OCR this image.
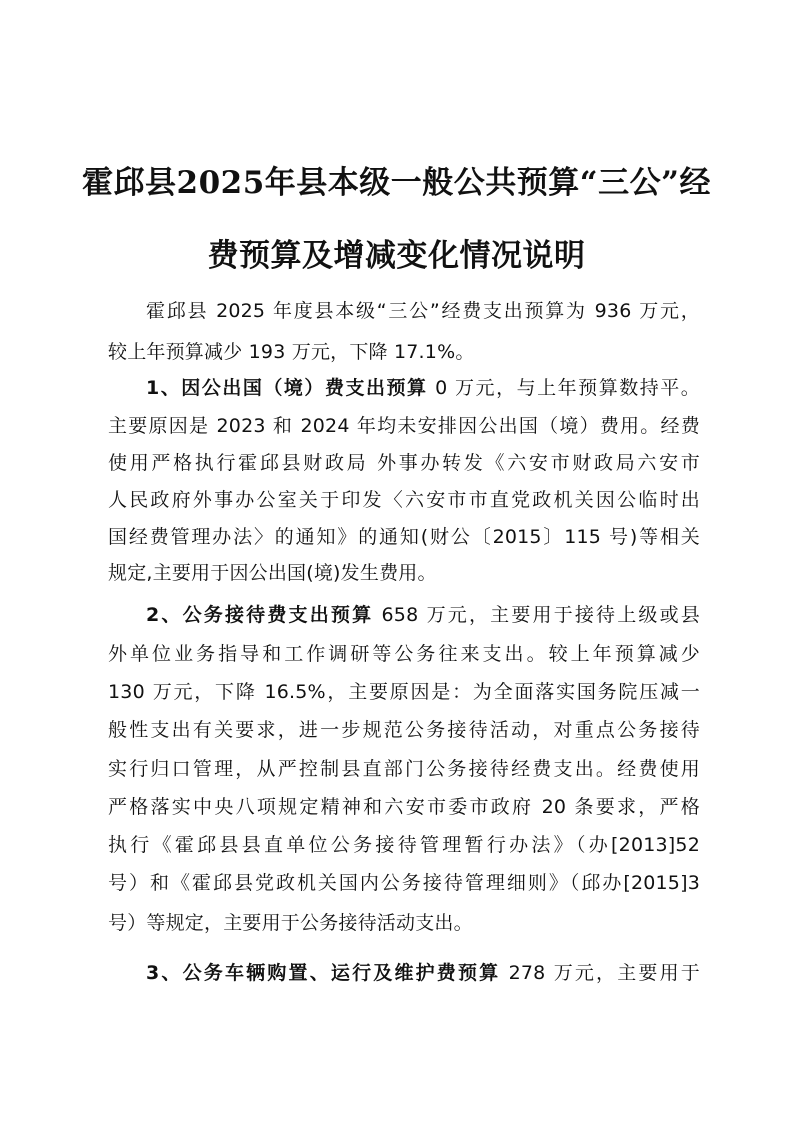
霍邱县2025年县本级一般公共预算“三公”经
费预算及增减变化情况说明
霍邱县 2025 年度县本级“三公”经费支出预算为 936 万元，
较上年预算减少 193 万元，下降 17.1%。
1、因公出国（境）费支出预算 0 万元，与上年预算数持平。
主要原因是 2023 和 2024 年均未安排因公出国（境）费用。经费
使用严格执行霍邱县财政局 外事办转发《六安市财政局六安市
人民政府外事办公室关于印发〈六安市市直党政机关因公临时出
国经费管理办法〉的通知》的通知(财公〔2015〕115 号)等相关
规定,主要用于因公出国(境)发生费用。
2、公务接待费支出预算 658 万元，主要用于接待上级或县
外单位业务指导和工作调研等公务往来支出。较上年预算减少
130 万元，下降 16.5%，主要原因是：为全面落实国务院压减一
般性支出有关要求，进一步规范公务接待活动，对重点公务接待
实行归口管理，从严控制县直部门公务接待经费支出。经费使用
严格落实中央八项规定精神和六安市委市政府 20 条要求，严格
执行《霍邱县县直单位公务接待管理暂行办法》（办[2013]52
号）和《霍邱县党政机关国内公务接待管理细则》（邱办[2015]3
号）等规定，主要用于公务接待活动支出。
3、公务车辆购置、运行及维护费预算 278 万元，主要用于
